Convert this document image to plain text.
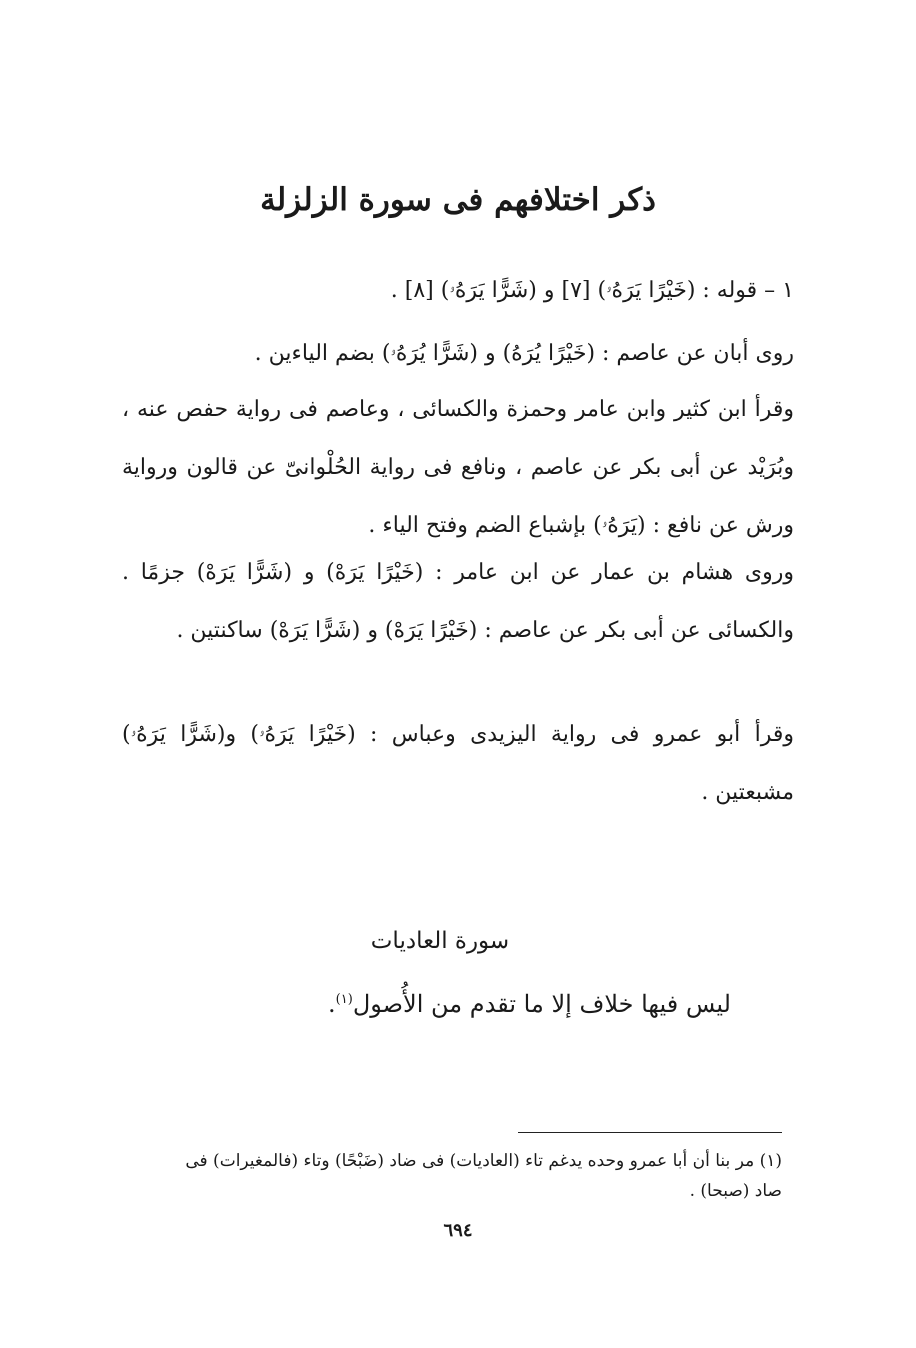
ذكر اختلافهم فى سورة الزلزلة
١ – قوله : (خَيْرًا يَرَهُۥ) [٧] و (شَرًّا يَرَهُۥ) [٨] .
روى أبان عن عاصم : (خَيْرًا يُرَهُ) و (شَرًّا يُرَهُۥ) بضم الياءين .
وقرأ ابن كثير وابن عامر وحمزة والكسائى ، وعاصم فى رواية حفص عنه ، وبُرَيْد عن أبى بكر عن عاصم ، ونافع فى رواية الحُلْوانىّ عن قالون ورواية ورش عن نافع : (يَرَهُۥ) بإشباع الضم وفتح الياء .
وروى هشام بن عمار عن ابن عامر : (خَيْرًا يَرَهْ) و (شَرًّا يَرَهْ) جزمًا . والكسائى عن أبى بكر عن عاصم : (خَيْرًا يَرَهْ) و (شَرًّا يَرَهْ) ساكنتين .
وقرأ أبو عمرو فى رواية اليزيدى وعباس : (خَيْرًا يَرَهُۥ) و(شَرًّا يَرَهُۥ) مشبعتين .
سورة العاديات
ليس فيها خلاف إلا ما تقدم من الأُصول$^{(١)}$.
(١) مر بنا أن أبا عمرو وحده يدغم تاء (العاديات) فى ضاد (ضَبْحًا) وتاء (فالمغيرات) فى صاد (صبحا) .
٦٩٤
